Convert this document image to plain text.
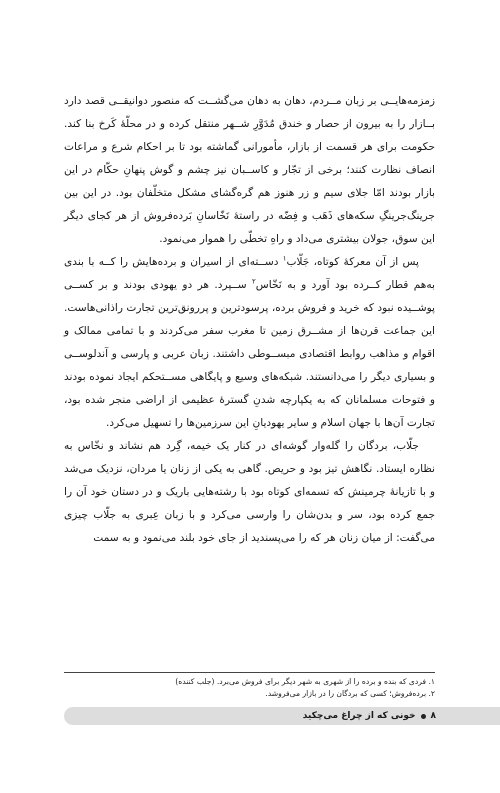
زمزمه‌هایــی بر زبان مــردم، دهان به دهان می‌گشــت که منصور دوانیقــی قصد دارد بــازار را به بیرون از حصار و خندق مُدَوَّرِ شــهر منتقل کرده و در محلّهٔ کَرخ بنا کند. حکومت برای هر قسمت از بازار، مأمورانی گماشته بود تا بر احکام شرع و مراعات انصاف نظارت کنند؛ برخی از تجّار و کاســبان نیز چشم و گوش پنهانِ حکّام در این بازار بودند امّا جلای سیم و زر هنوز هم گره‌گشای مشکل متخلّفان بود. در این بین جرینگ‌جرینگِ سکه‌های ذَهَب و فِضّه در راستهٔ نَخّاسانِ بَرده‌فروش از هر کجای دیگر این سوق، جولان بیشتری می‌داد و راهِ تخطّی را هموار می‌نمود.

پس از آن معرکهٔ کوتاه، جَلّاب$^۱$ دســته‌ای از اسیران و برده‌هایش را کــه با بندی به‌هم قطار کــرده بود آورد و به نَخّاس$^۲$ ســپرد. هر دو یهودی بودند و بر کســی پوشــیده نبود که خرید و فروش برده، پرسودترین و پررونق‌ترین تجارت راذانی‌هاست. این جماعت قرن‌ها از مشــرق زمین تا مغرب سفر می‌کردند و با تمامی ممالک و اقوام و مذاهب روابط اقتصادی مبســوطی داشتند. زبان عربی و پارسی و آندلوســی و بسیاری دیگر را می‌دانستند. شبکه‌های وسیع و پایگاهی مســتحکم ایجاد نموده بودند و فتوحات مسلمانان که به یکپارچه شدنِ گسترهٔ عظیمی از اراضی منجر شده بود، تجارت آن‌ها با جهان اسلام و سایر یهودیانِ این سرزمین‌ها را تسهیل می‌کرد.

جلّاب، بردگان را گله‌وار گوشه‌ای در کنار یک خیمه، گِرد هم نشاند و نخّاس به نظاره ایستاد. نگاهش تیز بود و حریص. گاهی به یکی از زنان یا مردان، نزدیک می‌شد و با تازیانهٔ چرمینش که تسمه‌ای کوتاه بود با رشته‌هایی باریک و در دستان خود آن را جمع کرده بود، سر و بدن‌شان را وارسی می‌کرد و با زبان عِبری به جلّاب چیزی می‌گفت: از میان زنان هر که را می‌پسندید از جای خود بلند می‌نمود و به سمت

۱. فردی که بنده و برده را از شهری به شهر دیگر برای فروش می‌برد. (جلب کننده)
۲. برده‌فروش؛ کسی که بردگان را در بازار می‌فروشد.
۸
خونی که از چراغ می‌چکید
